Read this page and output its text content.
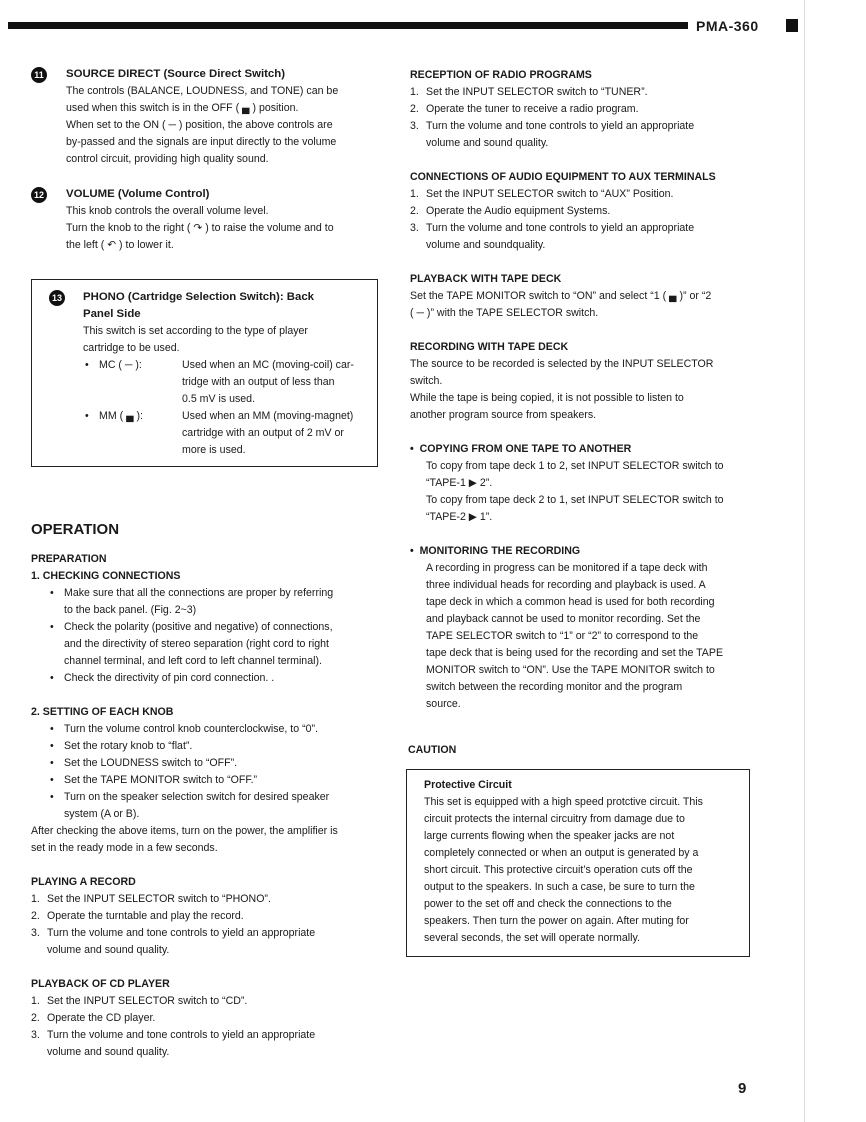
PMA-360
11	SOURCE DIRECT (Source Direct Switch)

The controls (BALANCE, LOUDNESS, and TONE) can be

used when this switch is in the OFF ( ▄ ) position.

When set to the ON ( ─ ) position, the above controls are

by-passed and the signals are input directly to the volume

control circuit, providing high quality sound.

12	VOLUME (Volume Control)

This knob controls the overall volume level.

Turn the knob to the right ( ↷ ) to raise the volume and to

the left ( ↶ ) to lower it.

13 PHONO (Cartridge Selection Switch): Back
Panel Side

This switch is set according to the type of player

cartridge to be used.

• MC ( ─ ):	Used when an MC (moving-coil) car-

tridge with an output of less than

0.5 mV is used.

• MM ( ▄ ):	Used when an MM (moving-magnet)

cartridge with an output of 2 mV or

more is used.

OPERATION
PREPARATION
1. CHECKING CONNECTIONS

• Make sure that all the connections are proper by referring

to the back panel. (Fig. 2~3)

• Check the polarity (positive and negative) of connections,

and the directivity of stereo separation (right cord to right

channel terminal, and left cord to left channel terminal).

• Check the directivity of pin cord connection. .

2. SETTING OF EACH KNOB

• Turn the volume control knob counterclockwise, to “0”.

• Set the rotary knob to “flat”.

• Set the LOUDNESS switch to “OFF”.

• Set the TAPE MONITOR switch to “OFF.”

• Turn on the speaker selection switch for desired speaker

system (A or B).

After checking the above items, turn on the power, the amplifier is

set in the ready mode in a few seconds.

PLAYING A RECORD
1. Set the INPUT SELECTOR switch to “PHONO”.

2. Operate the turntable and play the record.

3. Turn the volume and tone controls to yield an appropriate

volume and sound quality.

PLAYBACK OF CD PLAYER
1. Set the INPUT SELECTOR switch to “CD”.

2. Operate the CD player.

3. Turn the volume and tone controls to yield an appropriate

volume and sound quality.

RECEPTION OF RADIO PROGRAMS
1. Set the INPUT SELECTOR switch to “TUNER”.

2. Operate the tuner to receive a radio program.

3. Turn the volume and tone controls to yield an appropriate

volume and sound quality.

CONNECTIONS OF AUDIO EQUIPMENT TO AUX TERMINALS
1. Set the INPUT SELECTOR switch to “AUX” Position.

2. Operate the Audio equipment Systems.

3. Turn the volume and tone controls to yield an appropriate

volume and soundquality.

PLAYBACK WITH TAPE DECK

Set the TAPE MONITOR switch to “ON” and select “1 ( ▄ )” or “2

( ─ )” with the TAPE SELECTOR switch.

RECORDING WITH TAPE DECK

The source to be recorded is selected by the INPUT SELECTOR

switch.

While the tape is being copied, it is not possible to listen to

another program source from speakers.

•  COPYING FROM ONE TAPE TO ANOTHER

To copy from tape deck 1 to 2, set INPUT SELECTOR switch to

“TAPE-1 ▶ 2”.

To copy from tape deck 2 to 1, set INPUT SELECTOR switch to

“TAPE-2 ▶ 1”.

•  MONITORING THE RECORDING

A recording in progress can be monitored if a tape deck with

three individual heads for recording and playback is used. A

tape deck in which a common head is used for both recording

and playback cannot be used to monitor recording. Set the

TAPE SELECTOR switch to “1” or “2” to correspond to the

tape deck that is being used for the recording and set the TAPE

MONITOR switch to “ON”. Use the TAPE MONITOR switch to

switch between the recording monitor and the program

source.

CAUTION
Protective Circuit

This set is equipped with a high speed protctive circuit. This

circuit protects the internal circuitry from damage due to

large currents flowing when the speaker jacks are not

completely connected or when an output is generated by a

short circuit. This protective circuit’s operation cuts off the

output to the speakers. In such a case, be sure to turn the

power to the set off and check the connections to the

speakers. Then turn the power on again. After muting for

several seconds, the set will operate normally.

9
